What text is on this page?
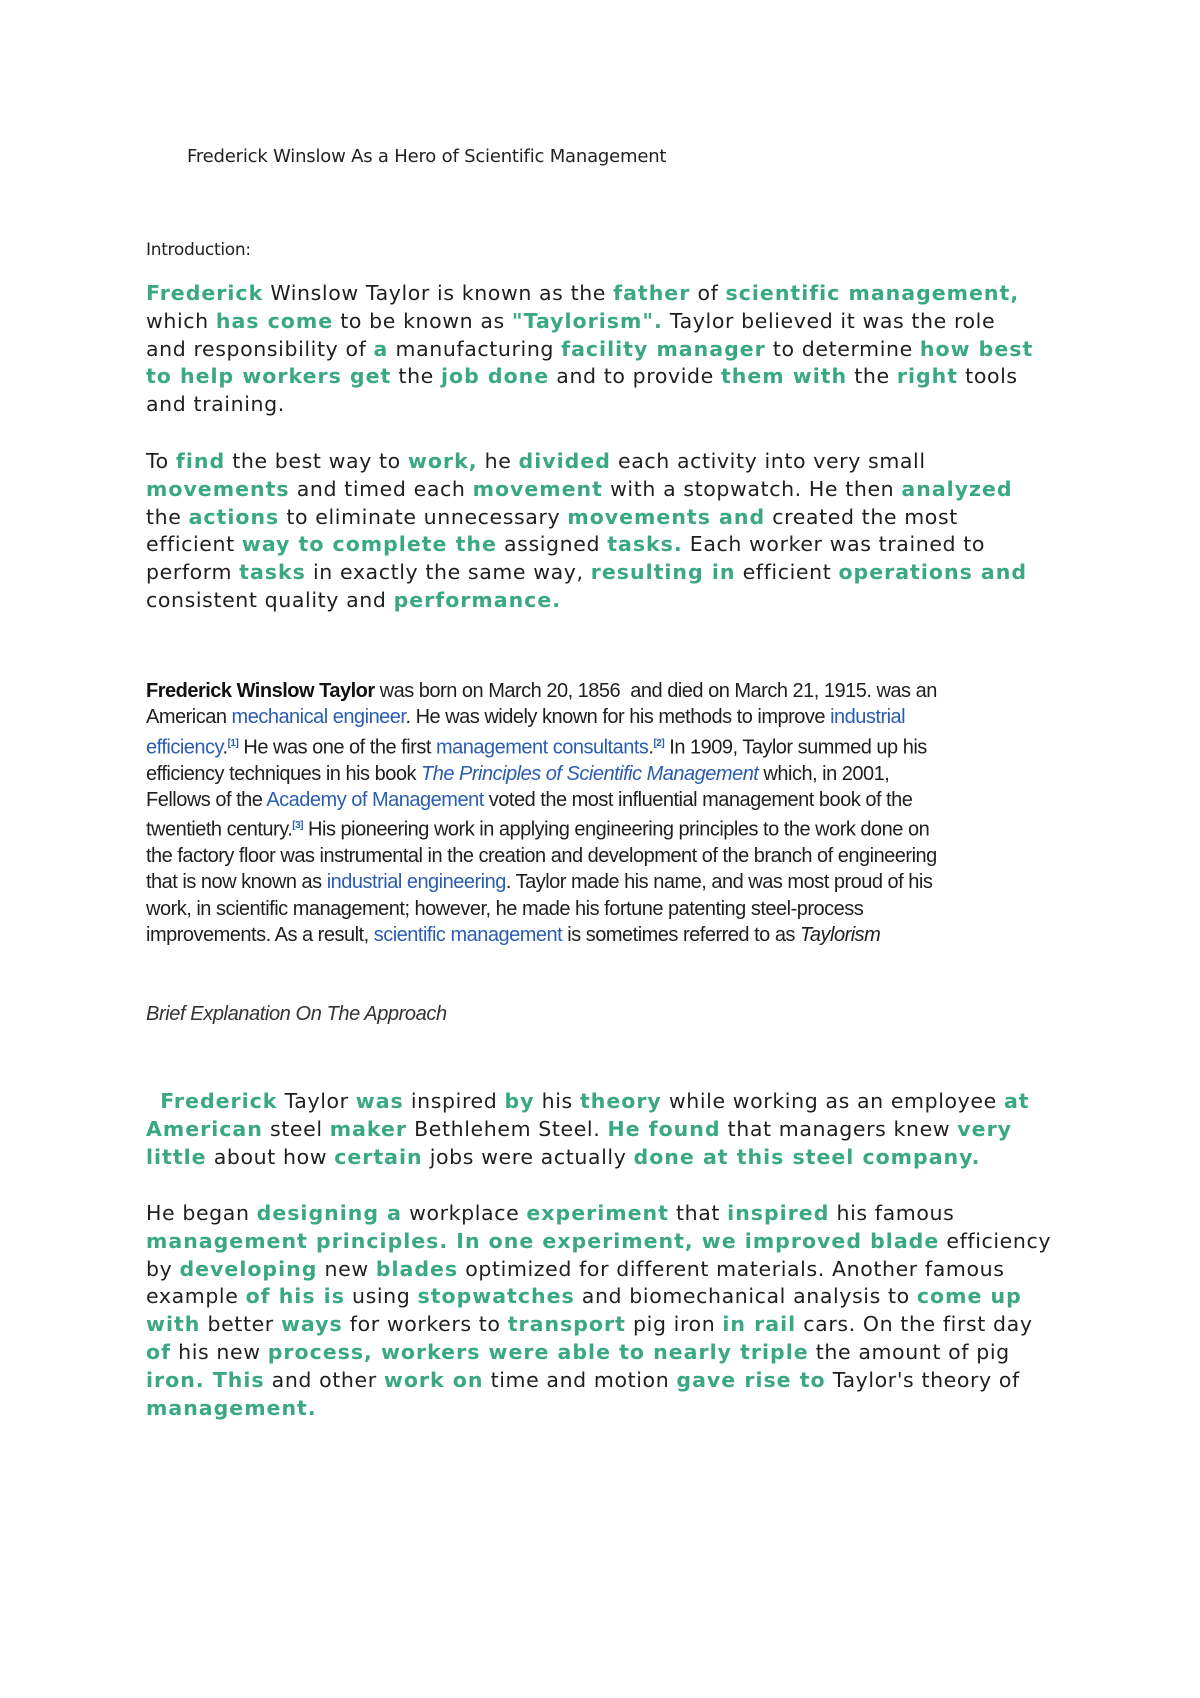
Frederick Winslow As a Hero of Scientific Management
Introduction:
Frederick Winslow Taylor is known as the father of scientific management,
which has come to be known as "Taylorism". Taylor believed it was the role
and responsibility of a manufacturing facility manager to determine how best
to help workers get the job done and to provide them with the right tools
and training.
To find the best way to work, he divided each activity into very small
movements and timed each movement with a stopwatch. He then analyzed
the actions to eliminate unnecessary movements and created the most
efficient way to complete the assigned tasks. Each worker was trained to
perform tasks in exactly the same way, resulting in efficient operations and
consistent quality and performance.
Frederick Winslow Taylor was born on March 20, 1856  and died on March 21, 1915. was an
American mechanical engineer. He was widely known for his methods to improve industrial
efficiency.[1] He was one of the first management consultants.[2] In 1909, Taylor summed up his
efficiency techniques in his book The Principles of Scientific Management which, in 2001,
Fellows of the Academy of Management voted the most influential management book of the
twentieth century.[3] His pioneering work in applying engineering principles to the work done on
the factory floor was instrumental in the creation and development of the branch of engineering
that is now known as industrial engineering. Taylor made his name, and was most proud of his
work, in scientific management; however, he made his fortune patenting steel-process
improvements. As a result, scientific management is sometimes referred to as Taylorism
Brief Explanation On The Approach
Frederick Taylor was inspired by his theory while working as an employee at
American steel maker Bethlehem Steel. He found that managers knew very
little about how certain jobs were actually done at this steel company.
He began designing a workplace experiment that inspired his famous
management principles. In one experiment, we improved blade efficiency
by developing new blades optimized for different materials. Another famous
example of his is using stopwatches and biomechanical analysis to come up
with better ways for workers to transport pig iron in rail cars. On the first day
of his new process, workers were able to nearly triple the amount of pig
iron. This and other work on time and motion gave rise to Taylor's theory of
management.
